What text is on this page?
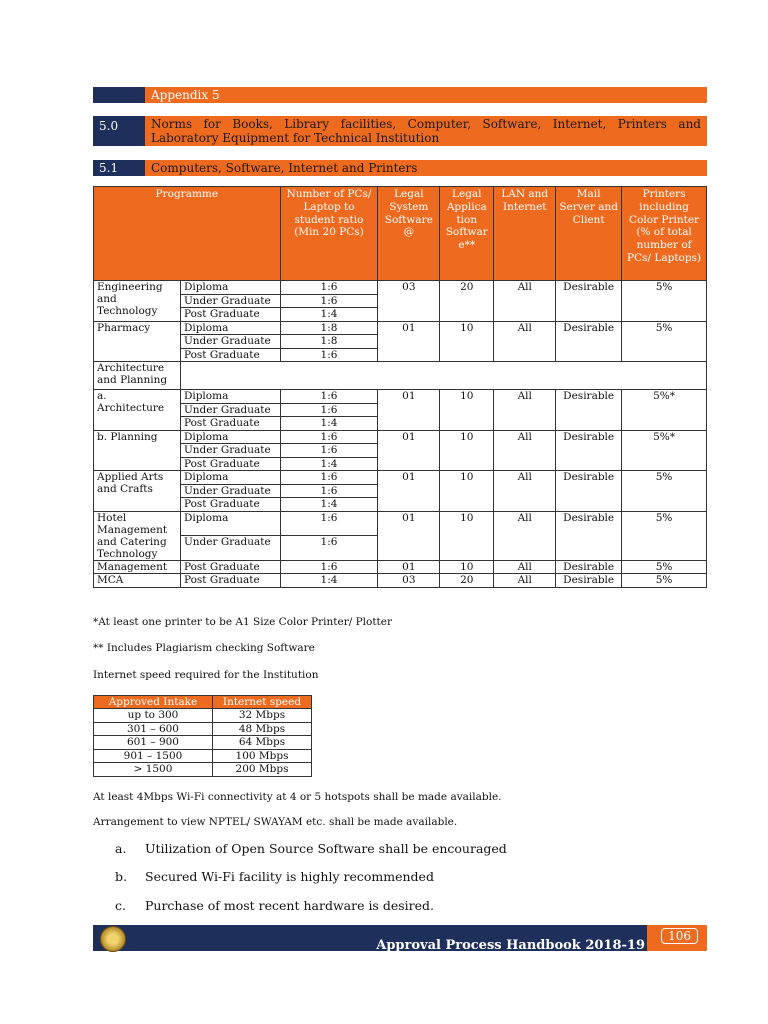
Appendix 5
5.0	Norms for Books, Library facilities, Computer, Software, Internet, Printers and Laboratory Equipment for Technical Institution
5.1	Computers, Software, Internet and Printers
Programme		Number of PCs/ Laptop to student ratio (Min 20 PCs)	Legal System Software @	Legal Applica tion Softwar e**	LAN and Internet	Mail Server and Client	Printers including Color Printer (% of total number of PCs/ Laptops)
Engineering and Technology	Diploma	1:6	03	20	All	Desirable	5%
	Under Graduate	1:6					
	Post Graduate	1:4					
Pharmacy	Diploma	1:8	01	10	All	Desirable	5%
	Under Graduate	1:8					
	Post Graduate	1:6					
Architecture and Planning							
a. Architecture	Diploma	1:6	01	10	All	Desirable	5%*
	Under Graduate	1:6					
	Post Graduate	1:4					
b. Planning	Diploma	1:6	01	10	All	Desirable	5%*
	Under Graduate	1:6					
	Post Graduate	1:4					
Applied Arts and Crafts	Diploma	1:6	01	10	All	Desirable	5%
	Under Graduate	1:6					
	Post Graduate	1:4					
Hotel Management and Catering Technology	Diploma	1:6	01	10	All	Desirable	5%
	Under Graduate	1:6					
Management	Post Graduate	1:6	01	10	All	Desirable	5%
MCA	Post Graduate	1:4	03	20	All	Desirable	5%
*At least one printer to be A1 Size Color Printer/ Plotter
** Includes Plagiarism checking Software
Internet speed required for the Institution
Approved Intake	Internet speed
up to 300	32 Mbps
301 – 600	48 Mbps
601 – 900	64 Mbps
901 – 1500	100 Mbps
> 1500	200 Mbps
At least 4Mbps Wi-Fi connectivity at 4 or 5 hotspots shall be made available.
Arrangement to view NPTEL/ SWAYAM etc. shall be made available.
a. Utilization of Open Source Software shall be encouraged
b. Secured Wi-Fi facility is highly recommended
c. Purchase of most recent hardware is desired.
Approval Process Handbook 2018-19
106
